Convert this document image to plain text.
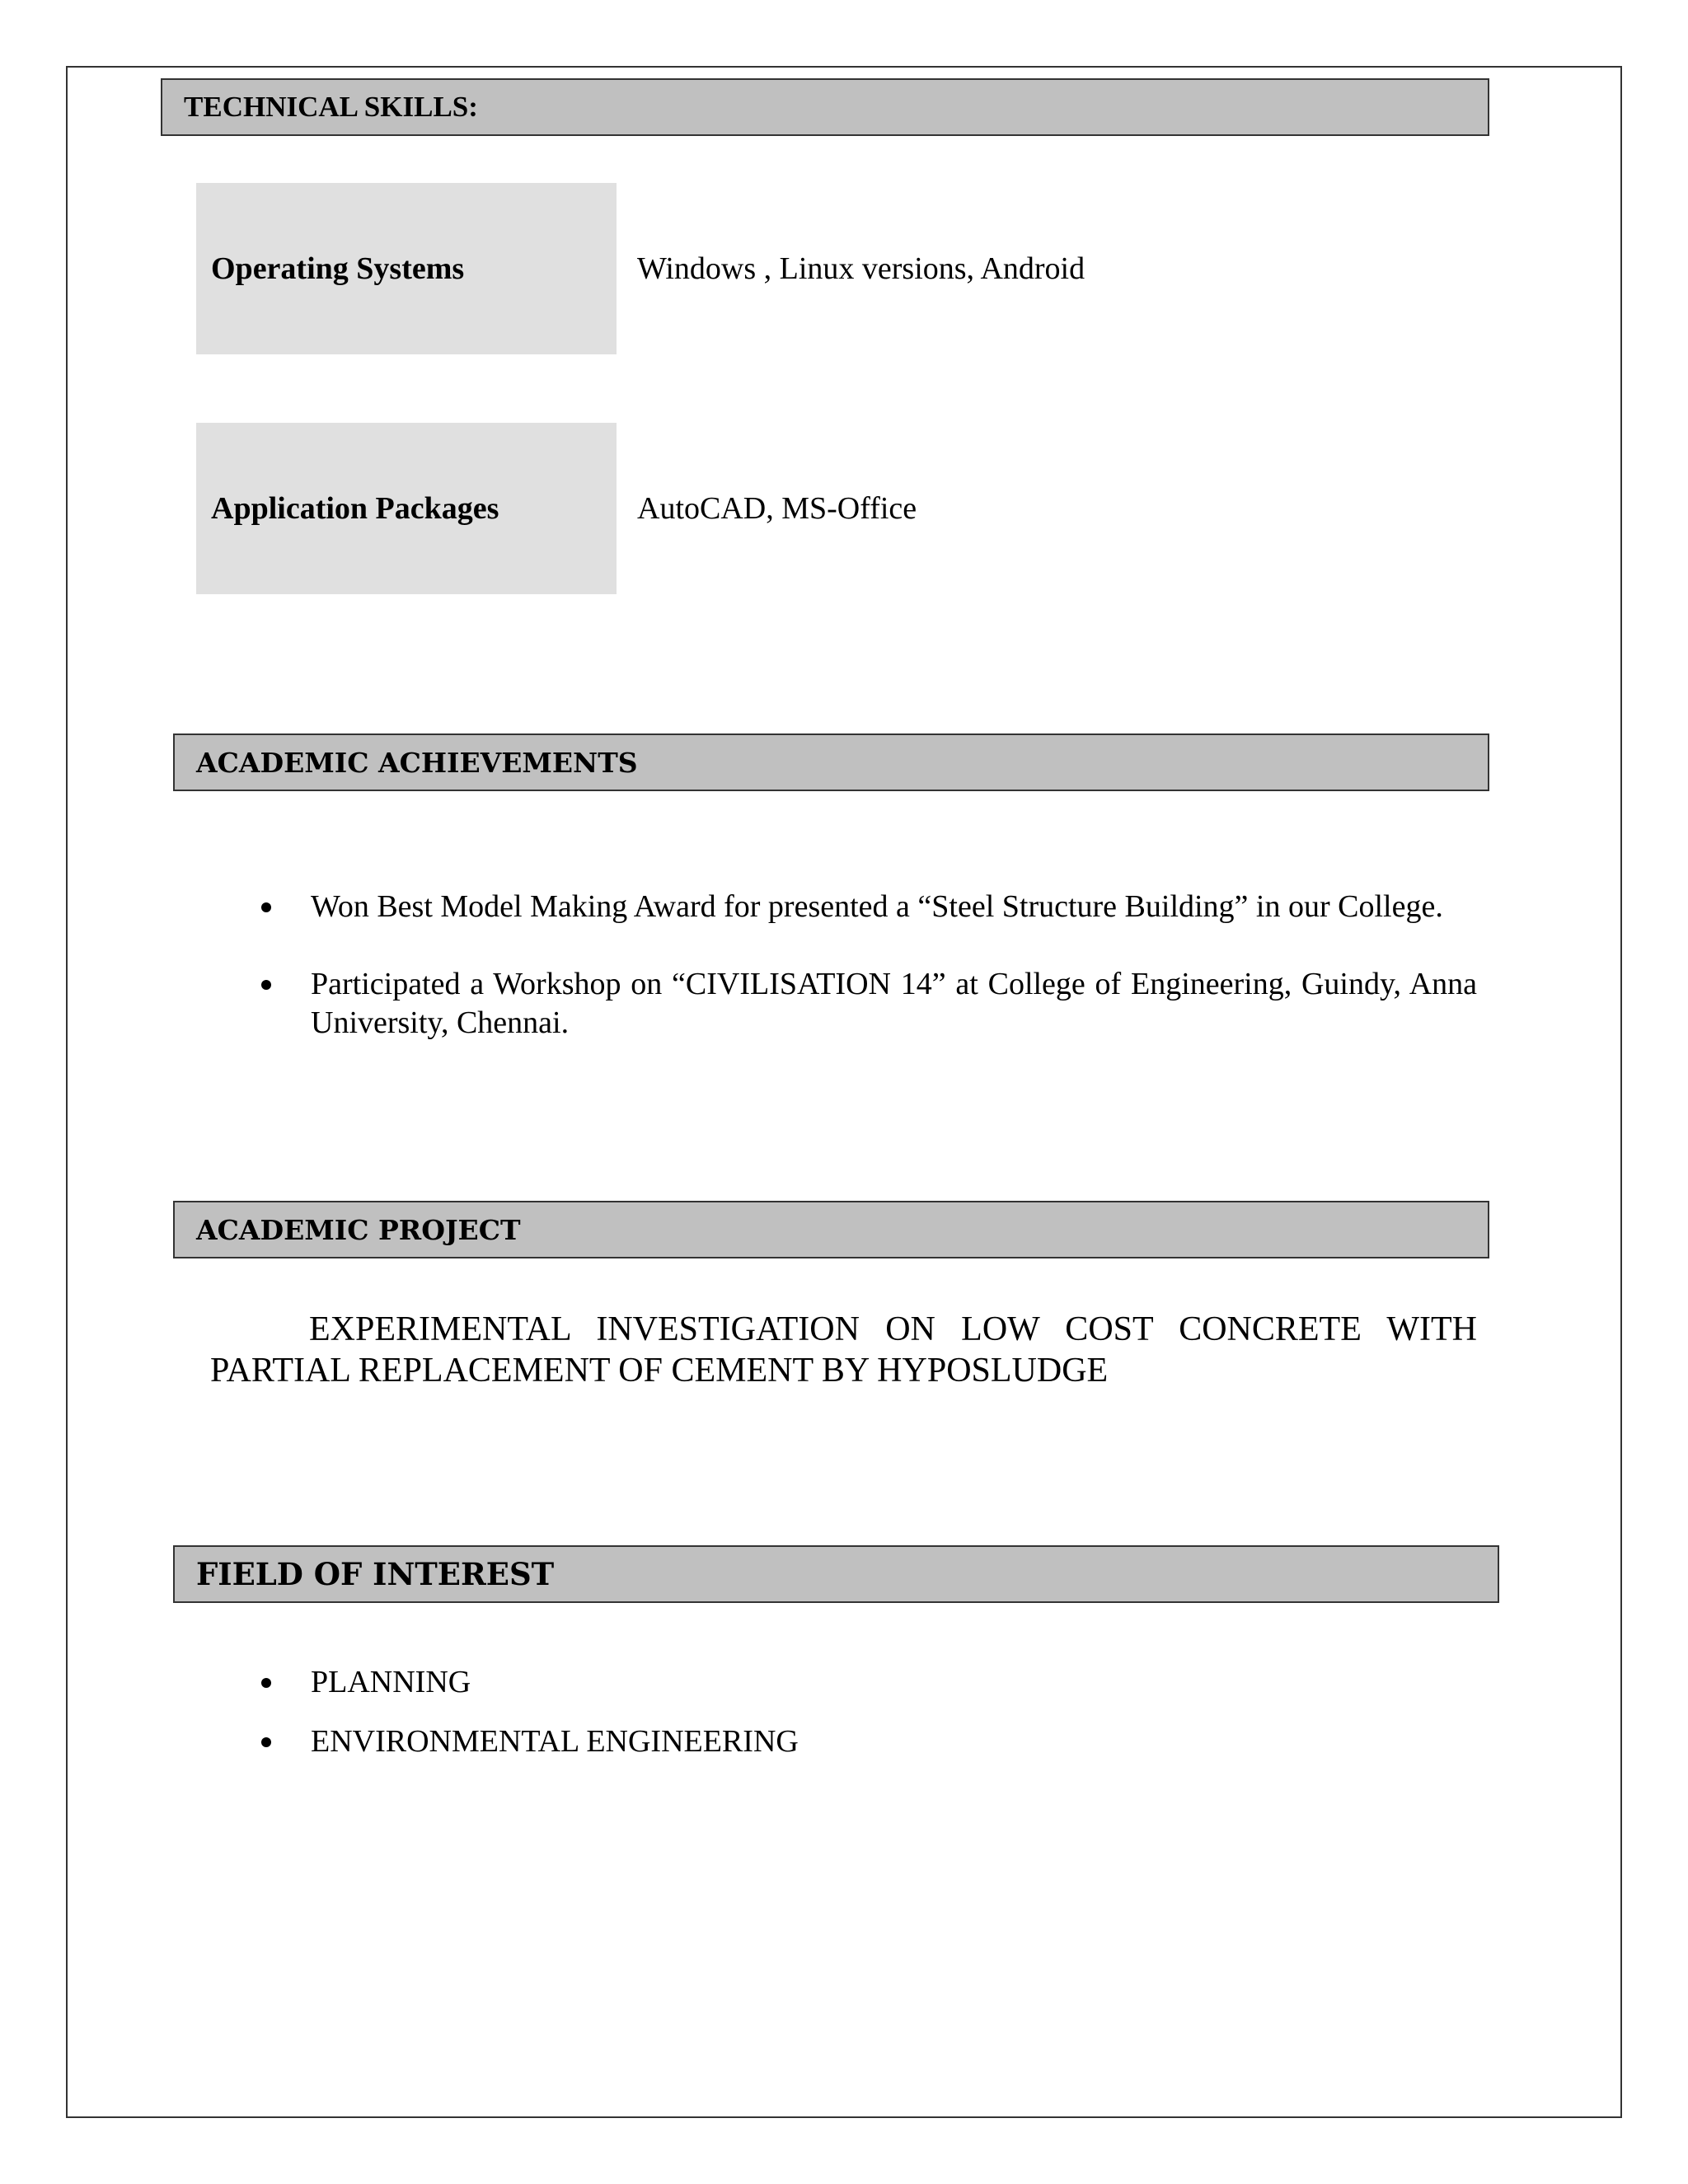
TECHNICAL SKILLS:
Operating Systems	Windows , Linux versions, Android
Application Packages	AutoCAD, MS-Office
ACADEMIC ACHIEVEMENTS
Won Best Model Making Award for presented a “Steel Structure Building” in our College.
Participated a Workshop on “CIVILISATION 14” at College of Engineering, Guindy, Anna University, Chennai.
ACADEMIC PROJECT

EXPERIMENTAL INVESTIGATION ON LOW COST CONCRETE WITH PARTIAL REPLACEMENT OF CEMENT BY HYPOSLUDGE

FIELD OF INTEREST
PLANNING
ENVIRONMENTAL ENGINEERING
